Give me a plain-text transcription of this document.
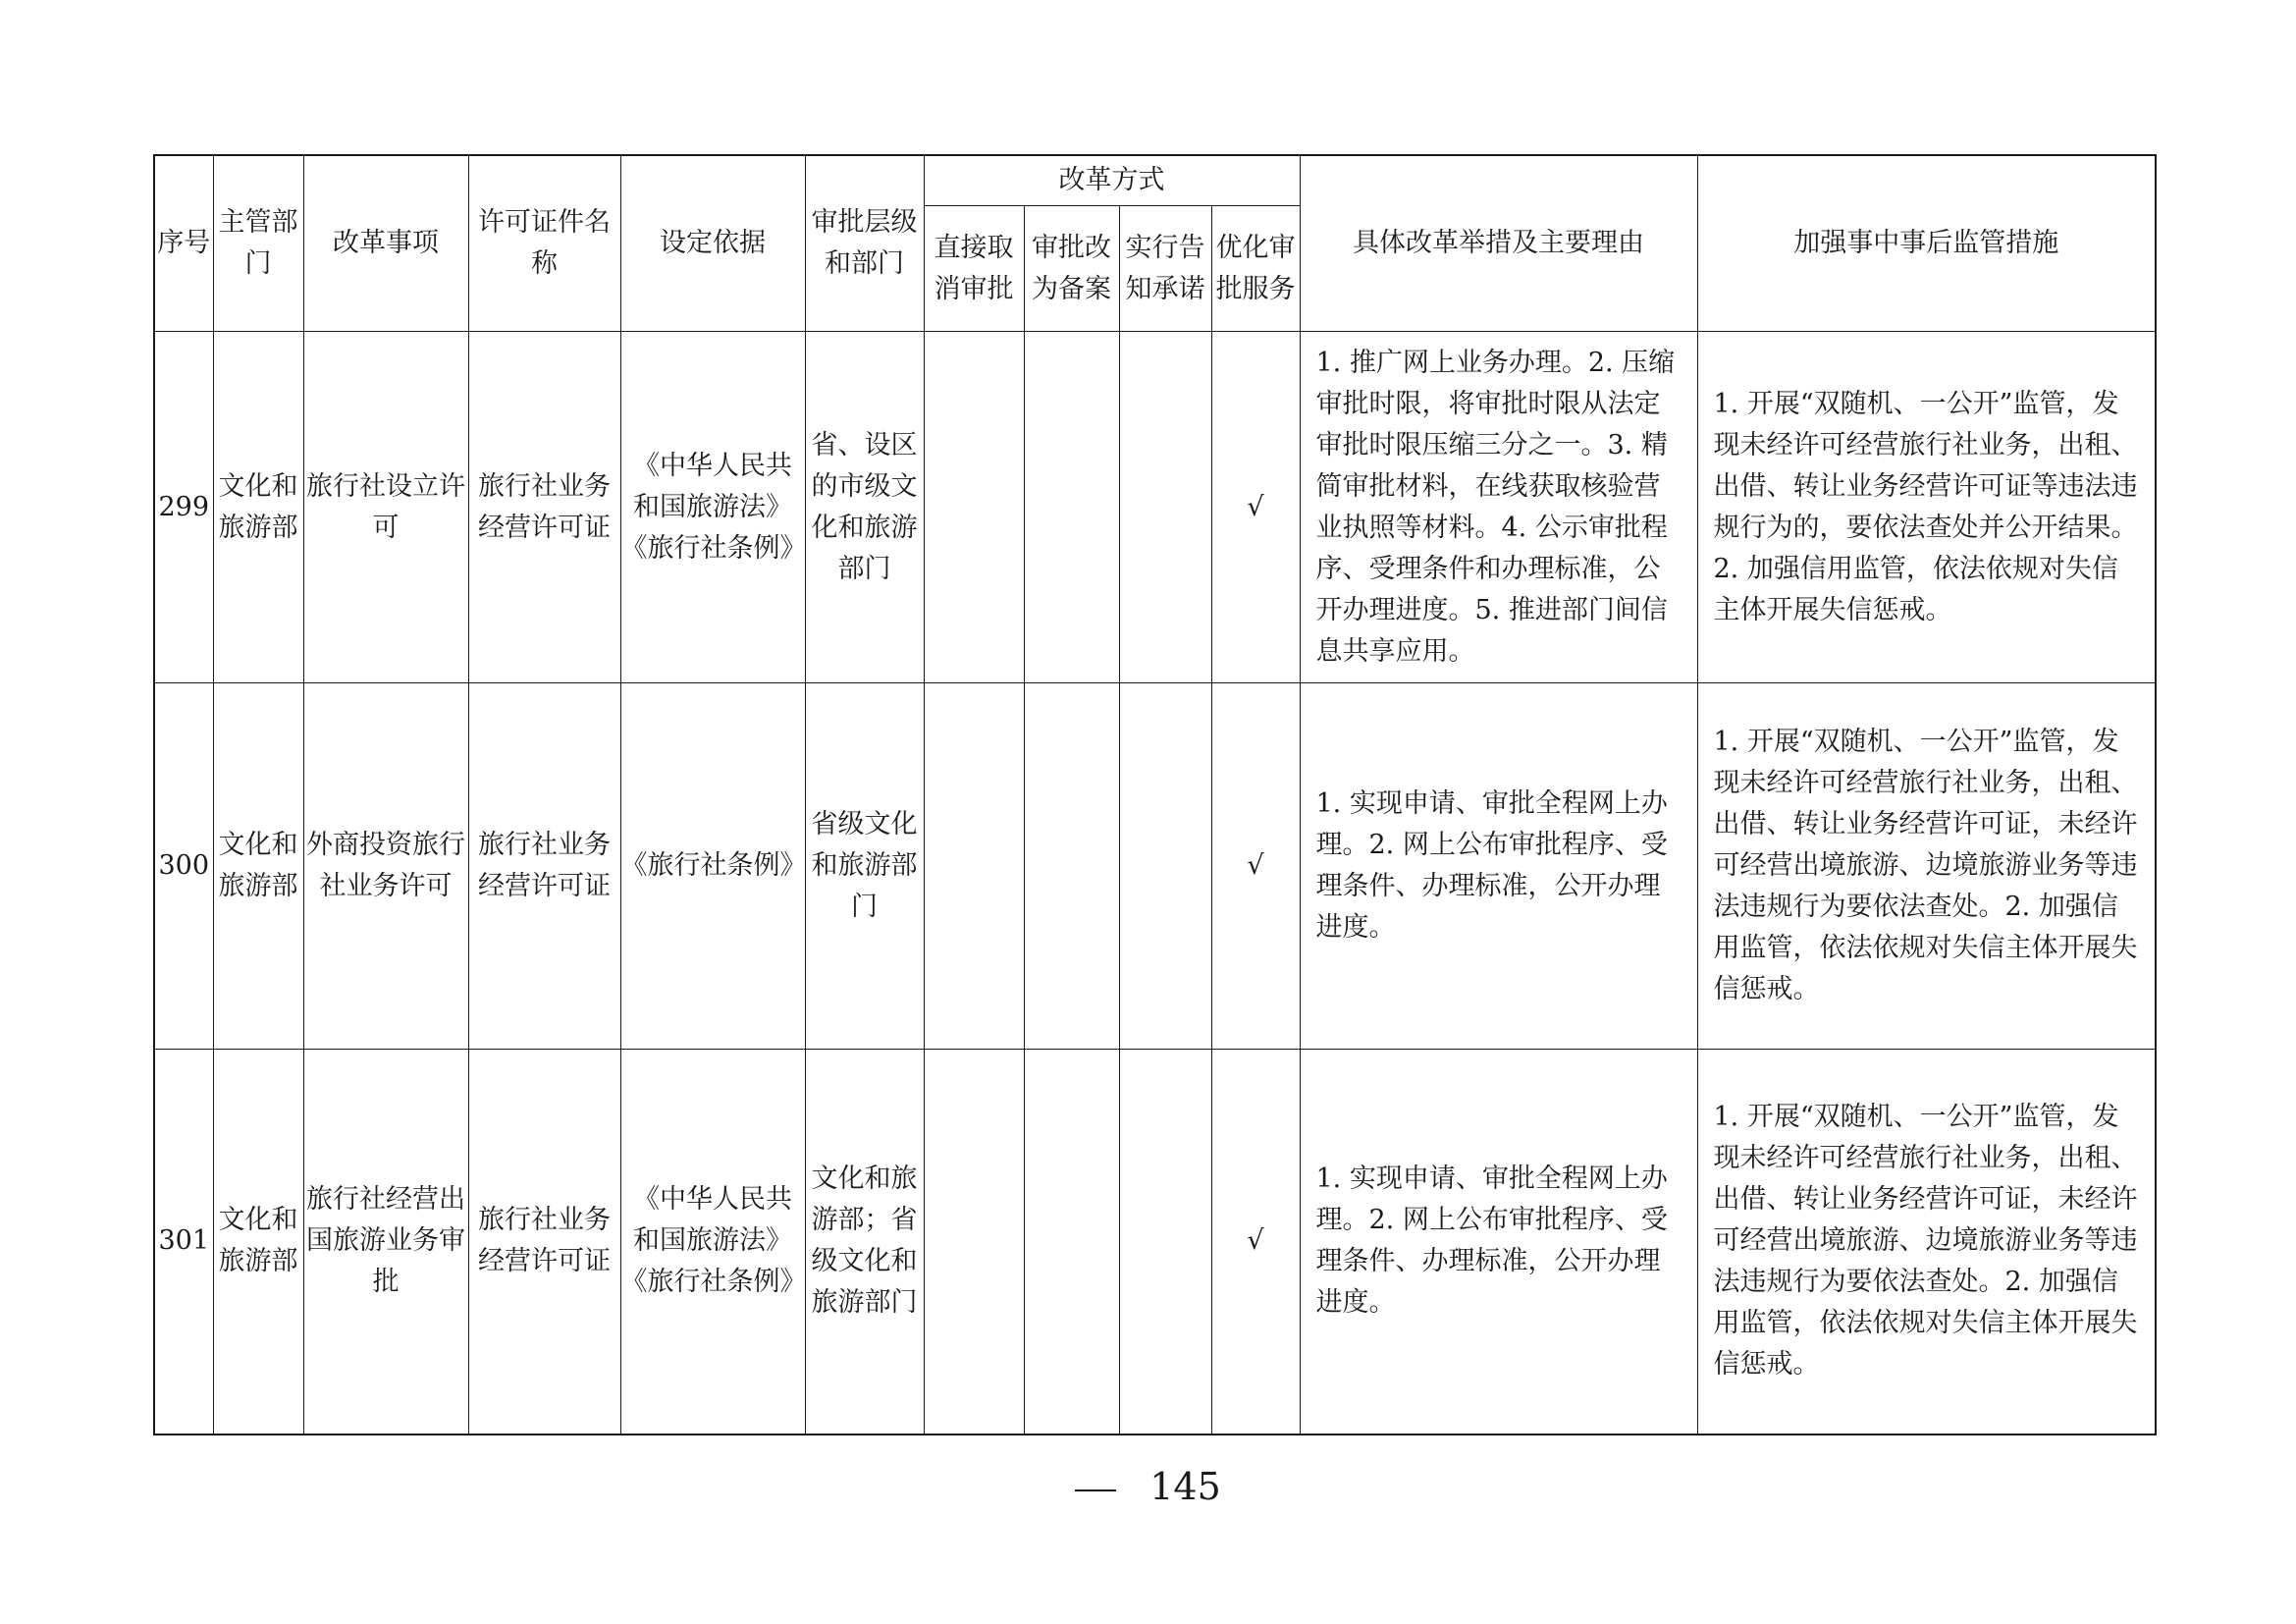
序号	主管部门	改革事项	许可证件名称	设定依据	审批层级和部门	改革方式				具体改革举措及主要理由	加强事中事后监管措施
						直接取消审批	审批改为备案	实行告知承诺	优化审批服务		
299	文化和旅游部	旅行社设立许可	旅行社业务经营许可证	《中华人民共和国旅游法》《旅行社条例》	省、设区的市级文化和旅游部门				√	1. 推广网上业务办理。2. 压缩审批时限，将审批时限从法定审批时限压缩三分之一。3. 精简审批材料，在线获取核验营业执照等材料。4. 公示审批程序、受理条件和办理标准，公开办理进度。5. 推进部门间信息共享应用。	1. 开展“双随机、一公开”监管，发现未经许可经营旅行社业务，出租、出借、转让业务经营许可证等违法违规行为的，要依法查处并公开结果。2. 加强信用监管，依法依规对失信主体开展失信惩戒。
300	文化和旅游部	外商投资旅行社业务许可	旅行社业务经营许可证	《旅行社条例》	省级文化和旅游部门				√	1. 实现申请、审批全程网上办理。2. 网上公布审批程序、受理条件、办理标准，公开办理进度。	1. 开展“双随机、一公开”监管，发现未经许可经营旅行社业务，出租、出借、转让业务经营许可证，未经许可经营出境旅游、边境旅游业务等违法违规行为要依法查处。2. 加强信用监管，依法依规对失信主体开展失信惩戒。
301	文化和旅游部	旅行社经营出国旅游业务审批	旅行社业务经营许可证	《中华人民共和国旅游法》《旅行社条例》	文化和旅游部；省级文化和旅游部门				√	1. 实现申请、审批全程网上办理。2. 网上公布审批程序、受理条件、办理标准，公开办理进度。	1. 开展“双随机、一公开”监管，发现未经许可经营旅行社业务，出租、出借、转让业务经营许可证，未经许可经营出境旅游、边境旅游业务等违法违规行为要依法查处。2. 加强信用监管，依法依规对失信主体开展失信惩戒。
145
